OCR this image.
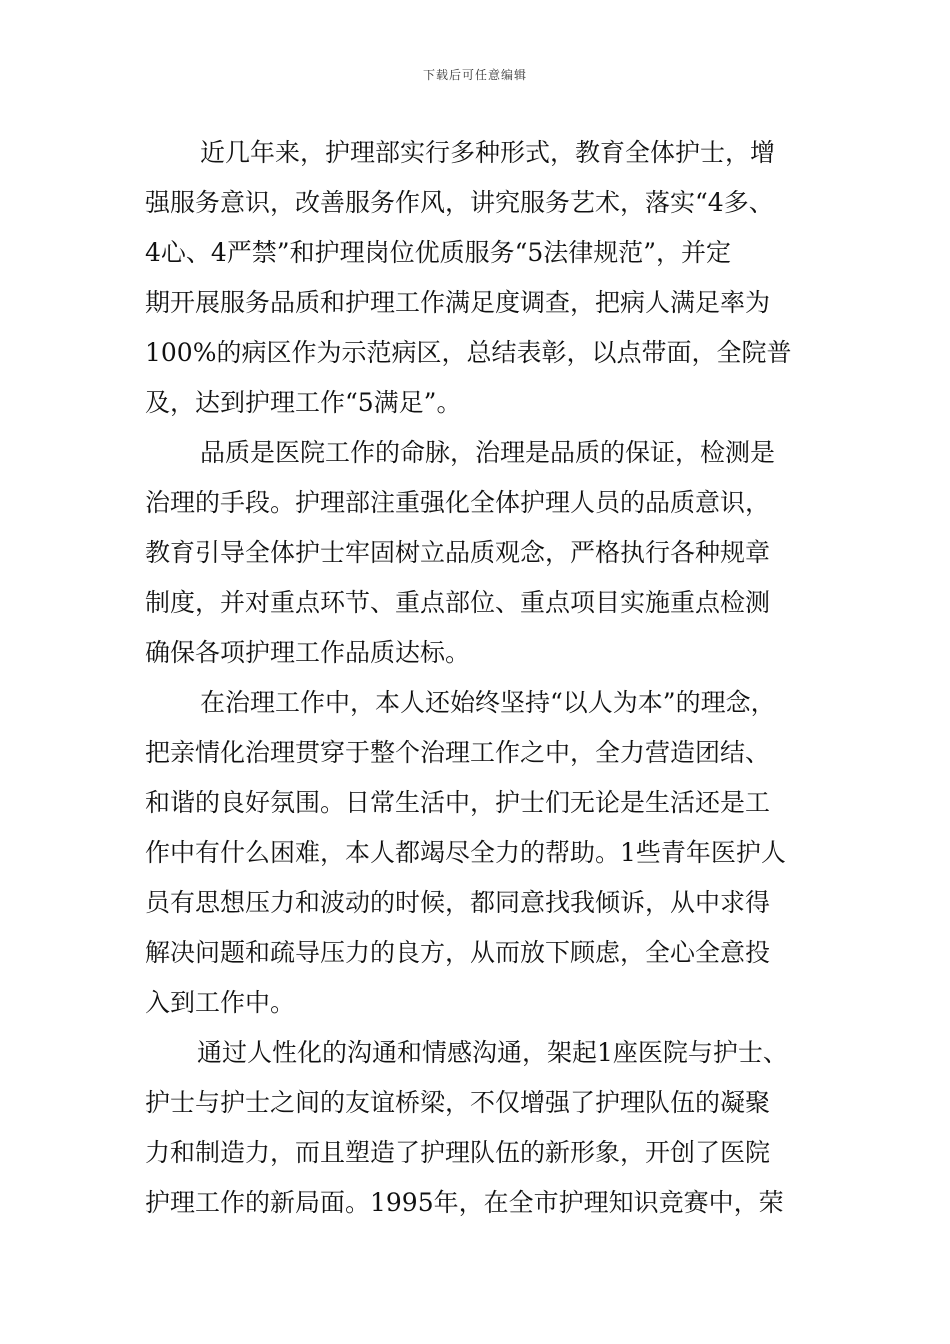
下载后可任意编辑
近几年来，护理部实行多种形式，教育全体护士，增
强服务意识，改善服务作风，讲究服务艺术，落实“4多、
4心、4严禁”和护理岗位优质服务“5法律规范”，并定
期开展服务品质和护理工作满足度调查，把病人满足率为
100%的病区作为示范病区，总结表彰，以点带面，全院普
及，达到护理工作“5满足”。
品质是医院工作的命脉，治理是品质的保证，检测是
治理的手段。护理部注重强化全体护理人员的品质意识，
教育引导全体护士牢固树立品质观念，严格执行各种规章
制度，并对重点环节、重点部位、重点项目实施重点检测
确保各项护理工作品质达标。
在治理工作中，本人还始终坚持“以人为本”的理念，
把亲情化治理贯穿于整个治理工作之中，全力营造团结、
和谐的良好氛围。日常生活中，护士们无论是生活还是工
作中有什么困难，本人都竭尽全力的帮助。1些青年医护人
员有思想压力和波动的时候，都同意找我倾诉，从中求得
解决问题和疏导压力的良方，从而放下顾虑，全心全意投
入到工作中。
通过人性化的沟通和情感沟通，架起1座医院与护士、
护士与护士之间的友谊桥梁，不仅增强了护理队伍的凝聚
力和制造力，而且塑造了护理队伍的新形象，开创了医院
护理工作的新局面。1995年，在全市护理知识竞赛中，荣
